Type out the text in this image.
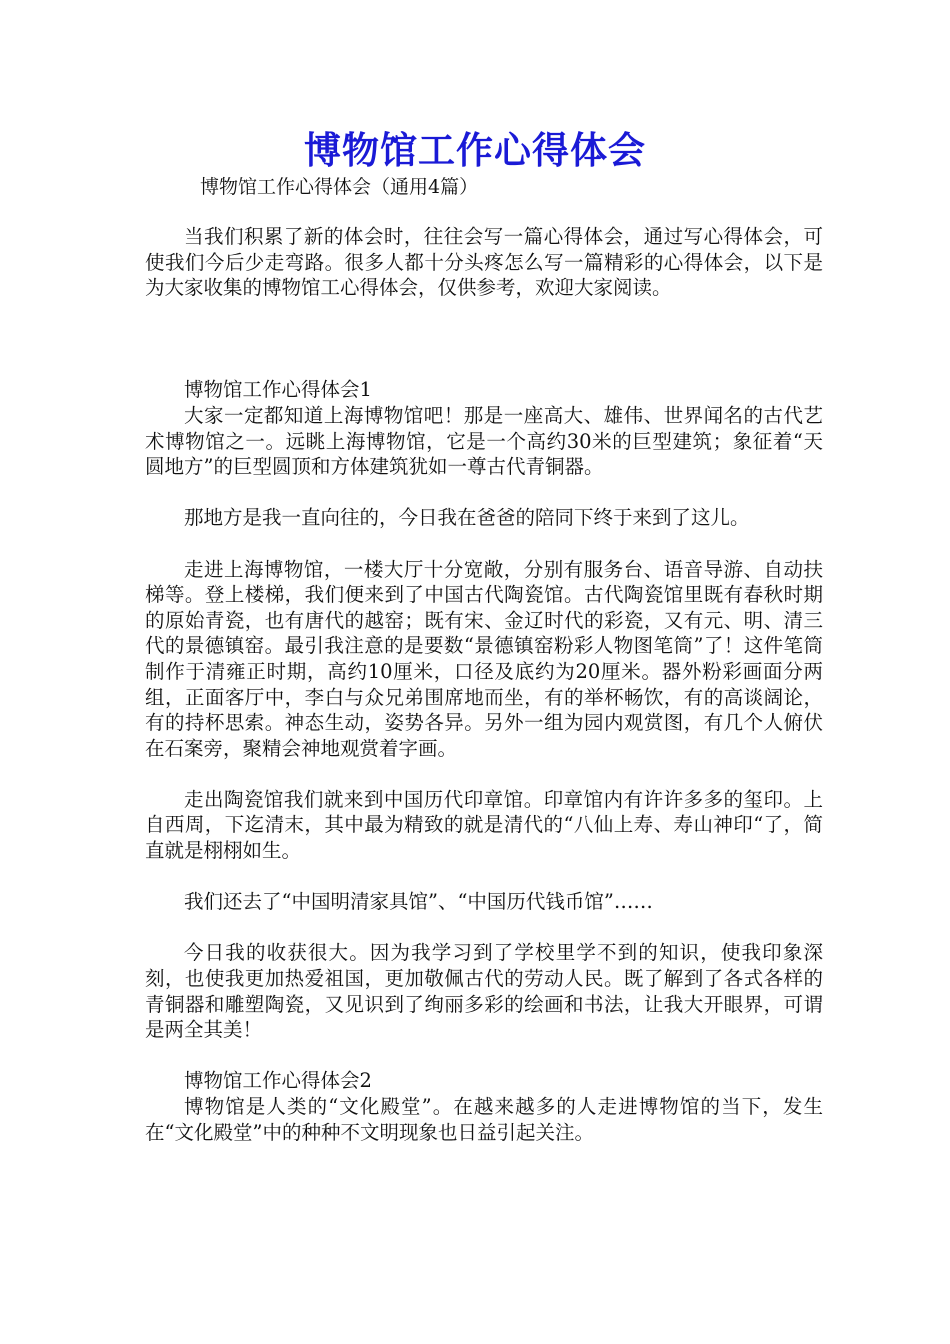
博物馆工作心得体会

博物馆工作心得体会（通用4篇）

当我们积累了新的体会时，往往会写一篇心得体会，通过写心得体会，可使我们今后少走弯路。很多人都十分头疼怎么写一篇精彩的心得体会，以下是为大家收集的博物馆工心得体会，仅供参考，欢迎大家阅读。

博物馆工作心得体会1

大家一定都知道上海博物馆吧！那是一座高大、雄伟、世界闻名的古代艺术博物馆之一。远眺上海博物馆，它是一个高约30米的巨型建筑；象征着“天圆地方”的巨型圆顶和方体建筑犹如一尊古代青铜器。

那地方是我一直向往的，今日我在爸爸的陪同下终于来到了这儿。

走进上海博物馆，一楼大厅十分宽敞，分别有服务台、语音导游、自动扶梯等。登上楼梯，我们便来到了中国古代陶瓷馆。古代陶瓷馆里既有春秋时期的原始青瓷，也有唐代的越窑；既有宋、金辽时代的彩瓷，又有元、明、清三代的景德镇窑。最引我注意的是要数“景德镇窑粉彩人物图笔筒”了！这件笔筒制作于清雍正时期，高约10厘米，口径及底约为20厘米。器外粉彩画面分两组，正面客厅中，李白与众兄弟围席地而坐，有的举杯畅饮，有的高谈阔论，有的持杯思索。神态生动，姿势各异。另外一组为园内观赏图，有几个人俯伏在石案旁，聚精会神地观赏着字画。

走出陶瓷馆我们就来到中国历代印章馆。印章馆内有许许多多的玺印。上自西周，下迄清末，其中最为精致的就是清代的“八仙上寿、寿山神印“了，简直就是栩栩如生。

我们还去了“中国明清家具馆”、“中国历代钱币馆”……

今日我的收获很大。因为我学习到了学校里学不到的知识，使我印象深刻，也使我更加热爱祖国，更加敬佩古代的劳动人民。既了解到了各式各样的青铜器和雕塑陶瓷，又见识到了绚丽多彩的绘画和书法，让我大开眼界，可谓是两全其美！

博物馆工作心得体会2

博物馆是人类的“文化殿堂”。在越来越多的人走进博物馆的当下，发生在“文化殿堂”中的种种不文明现象也日益引起关注。
